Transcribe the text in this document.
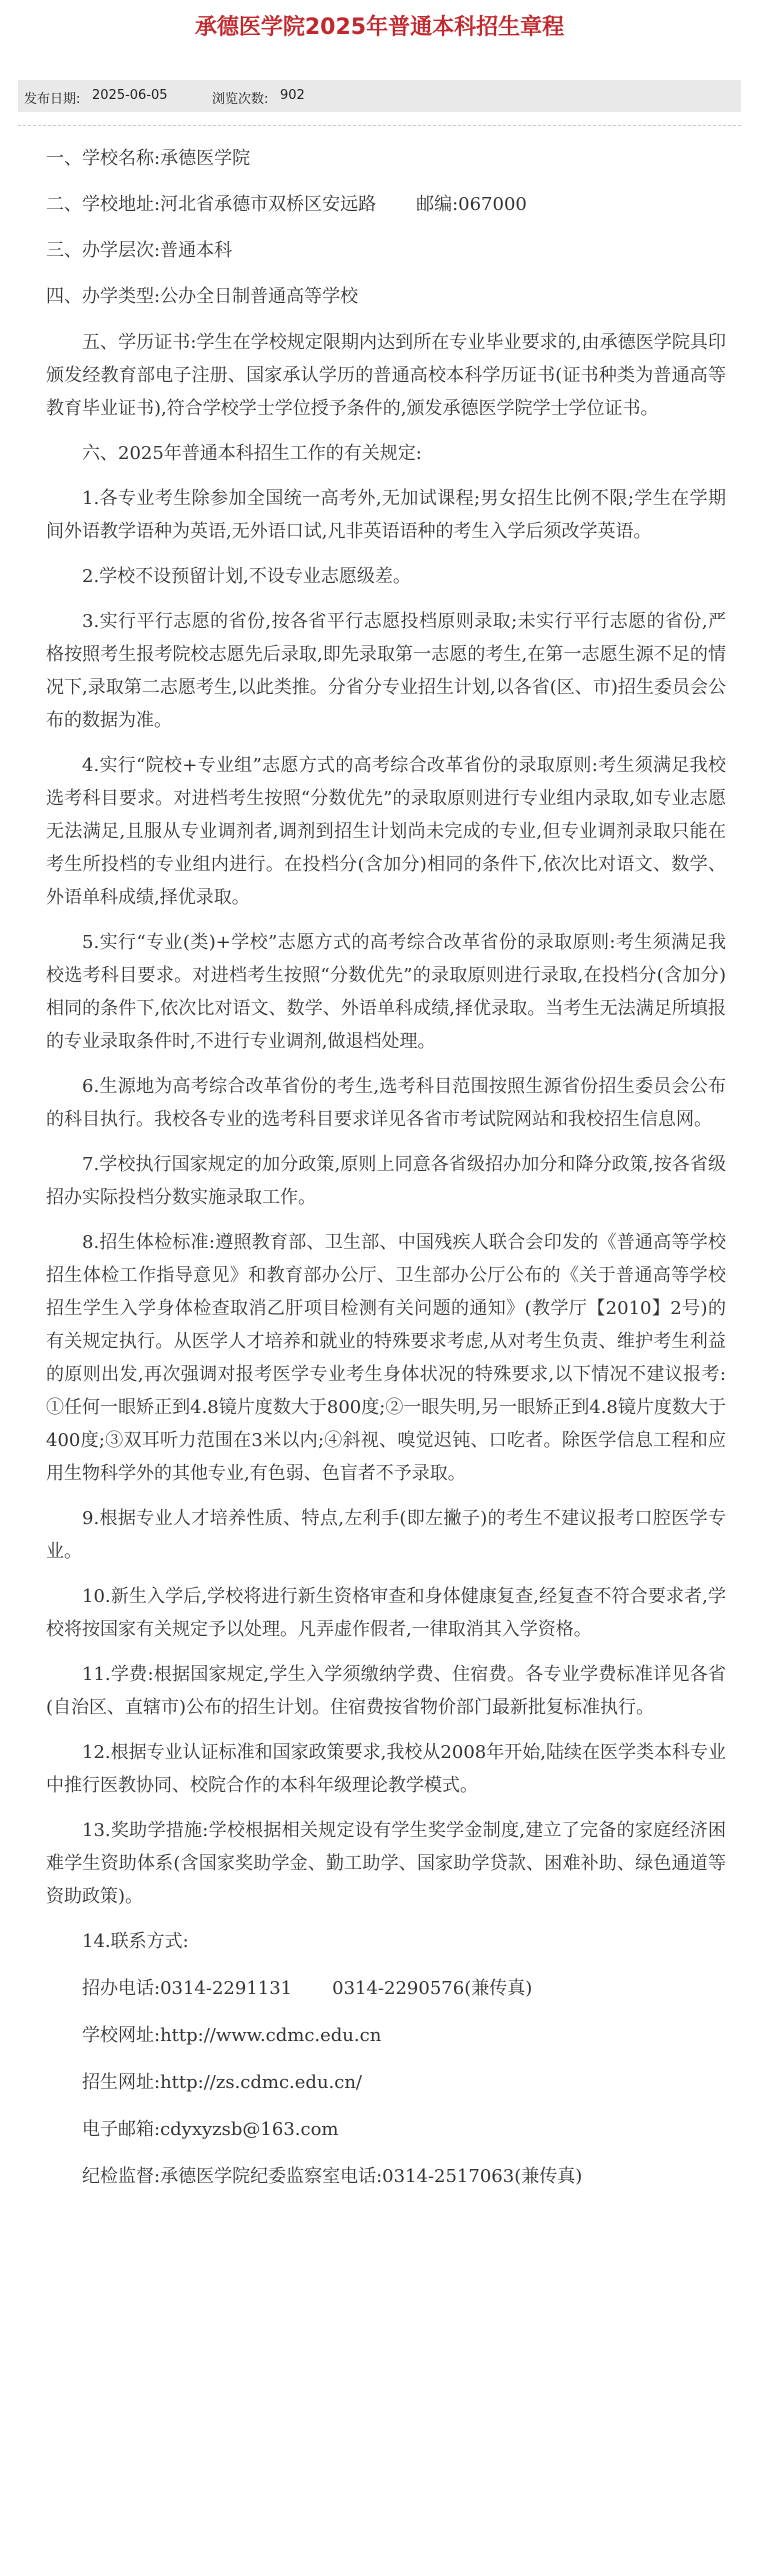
承德医学院2025年普通本科招生章程
发布日期: 2025-06-05	浏览次数: 902

一、学校名称:承德医学院

二、学校地址:河北省承德市双桥区安远路 邮编:067000

三、办学层次:普通本科

四、办学类型:公办全日制普通高等学校

五、学历证书:学生在学校规定限期内达到所在专业毕业要求的,由承德医学院具印颁发经教育部电子注册、国家承认学历的普通高校本科学历证书(证书种类为普通高等教育毕业证书),符合学校学士学位授予条件的,颁发承德医学院学士学位证书。

六、2025年普通本科招生工作的有关规定:

1.各专业考生除参加全国统一高考外,无加试课程;男女招生比例不限;学生在学期间外语教学语种为英语,无外语口试,凡非英语语种的考生入学后须改学英语。

2.学校不设预留计划,不设专业志愿级差。

3.实行平行志愿的省份,按各省平行志愿投档原则录取;未实行平行志愿的省份,严格按照考生报考院校志愿先后录取,即先录取第一志愿的考生,在第一志愿生源不足的情况下,录取第二志愿考生,以此类推。分省分专业招生计划,以各省(区、市)招生委员会公布的数据为准。

4.实行“院校+专业组”志愿方式的高考综合改革省份的录取原则:考生须满足我校选考科目要求。对进档考生按照“分数优先”的录取原则进行专业组内录取,如专业志愿无法满足,且服从专业调剂者,调剂到招生计划尚未完成的专业,但专业调剂录取只能在考生所投档的专业组内进行。在投档分(含加分)相同的条件下,依次比对语文、数学、外语单科成绩,择优录取。

5.实行“专业(类)+学校”志愿方式的高考综合改革省份的录取原则:考生须满足我校选考科目要求。对进档考生按照“分数优先”的录取原则进行录取,在投档分(含加分)相同的条件下,依次比对语文、数学、外语单科成绩,择优录取。当考生无法满足所填报的专业录取条件时,不进行专业调剂,做退档处理。

6.生源地为高考综合改革省份的考生,选考科目范围按照生源省份招生委员会公布的科目执行。我校各专业的选考科目要求详见各省市考试院网站和我校招生信息网。

7.学校执行国家规定的加分政策,原则上同意各省级招办加分和降分政策,按各省级招办实际投档分数实施录取工作。

8.招生体检标准:遵照教育部、卫生部、中国残疾人联合会印发的《普通高等学校招生体检工作指导意见》和教育部办公厅、卫生部办公厅公布的《关于普通高等学校招生学生入学身体检查取消乙肝项目检测有关问题的通知》(教学厅【2010】2号)的有关规定执行。从医学人才培养和就业的特殊要求考虑,从对考生负责、维护考生利益的原则出发,再次强调对报考医学专业考生身体状况的特殊要求,以下情况不建议报考:①任何一眼矫正到4.8镜片度数大于800度;②一眼失明,另一眼矫正到4.8镜片度数大于400度;③双耳听力范围在3米以内;④斜视、嗅觉迟钝、口吃者。除医学信息工程和应用生物科学外的其他专业,有色弱、色盲者不予录取。

9.根据专业人才培养性质、特点,左利手(即左撇子)的考生不建议报考口腔医学专业。

10.新生入学后,学校将进行新生资格审查和身体健康复查,经复查不符合要求者,学校将按国家有关规定予以处理。凡弄虚作假者,一律取消其入学资格。

11.学费:根据国家规定,学生入学须缴纳学费、住宿费。各专业学费标准详见各省(自治区、直辖市)公布的招生计划。住宿费按省物价部门最新批复标准执行。

12.根据专业认证标准和国家政策要求,我校从2008年开始,陆续在医学类本科专业中推行医教协同、校院合作的本科年级理论教学模式。

13.奖助学措施:学校根据相关规定设有学生奖学金制度,建立了完备的家庭经济困难学生资助体系(含国家奖助学金、勤工助学、国家助学贷款、困难补助、绿色通道等资助政策)。

14.联系方式:

招办电话:0314-2291131 0314-2290576(兼传真)

学校网址:http://www.cdmc.edu.cn

招生网址:http://zs.cdmc.edu.cn/

电子邮箱:cdyxyzsb@163.com

纪检监督:承德医学院纪委监察室电话:0314-2517063(兼传真)
